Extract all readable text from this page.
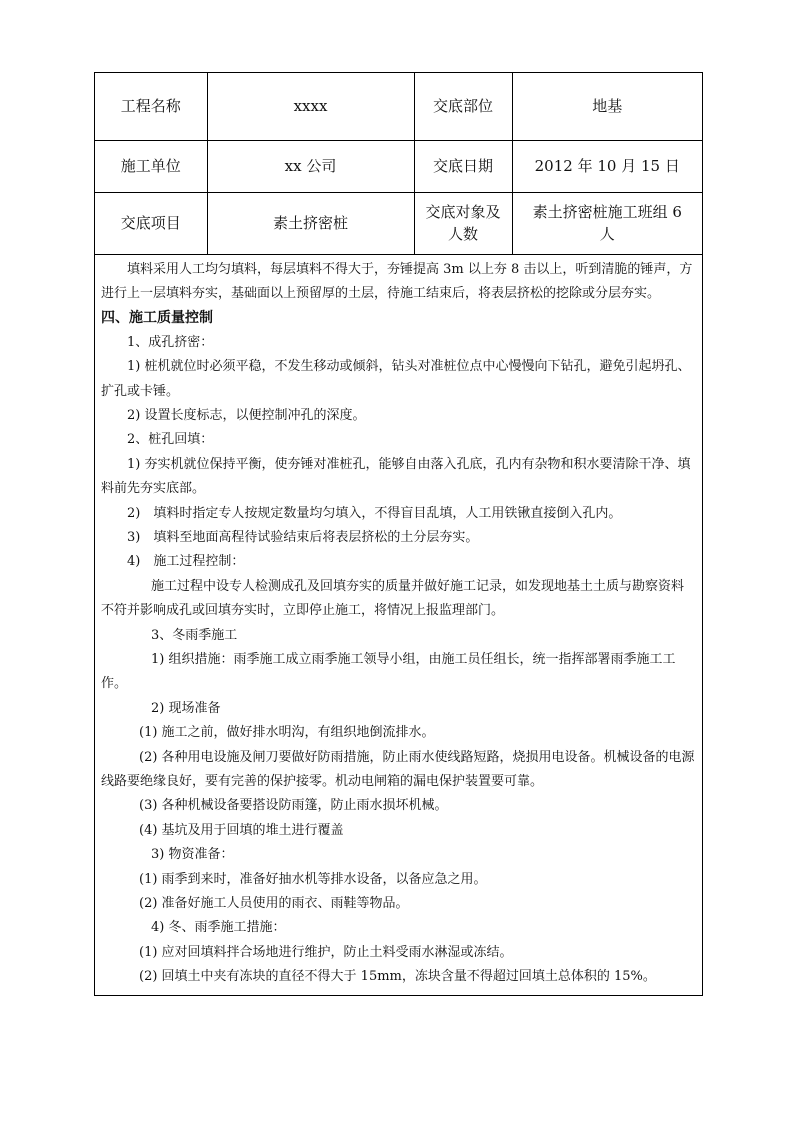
工程名称	xxxx	交底部位	地基
施工单位	xx 公司	交底日期	2012 年 10 月 15 日
交底项目	素土挤密桩	交底对象及人数	素土挤密桩施工班组 6 人

填料采用人工均匀填料，每层填料不得大于，夯锤提高 3m 以上夯 8 击以上，听到清脆的锤声，方进行上一层填料夯实，基础面以上预留厚的土层，待施工结束后，将表层挤松的挖除或分层夯实。

四、施工质量控制

1、成孔挤密：

1) 桩机就位时必须平稳，不发生移动或倾斜，钻头对准桩位点中心慢慢向下钻孔，避免引起坍孔、扩孔或卡锤。

2) 设置长度标志，以便控制冲孔的深度。

2、桩孔回填：

1) 夯实机就位保持平衡，使夯锤对准桩孔，能够自由落入孔底，孔内有杂物和积水要清除干净、填料前先夯实底部。

2)　填料时指定专人按规定数量均匀填入，不得盲目乱填，人工用铁锹直接倒入孔内。

3)　填料至地面高程待试验结束后将表层挤松的土分层夯实。

4)　施工过程控制：

施工过程中设专人检测成孔及回填夯实的质量并做好施工记录，如发现地基土土质与勘察资料不符并影响成孔或回填夯实时，立即停止施工，将情况上报监理部门。

3、冬雨季施工

1) 组织措施：雨季施工成立雨季施工领导小组，由施工员任组长，统一指挥部署雨季施工工作。

2) 现场准备

(1) 施工之前，做好排水明沟，有组织地倒流排水。

(2) 各种用电设施及闸刀要做好防雨措施，防止雨水使线路短路，烧损用电设备。机械设备的电源线路要绝缘良好，要有完善的保护接零。机动电闸箱的漏电保护装置要可靠。

(3) 各种机械设备要搭设防雨篷，防止雨水损坏机械。

(4) 基坑及用于回填的堆土进行覆盖

3) 物资准备：

(1) 雨季到来时，准备好抽水机等排水设备，以备应急之用。

(2) 准备好施工人员使用的雨衣、雨鞋等物品。

4) 冬、雨季施工措施：

(1) 应对回填料拌合场地进行维护，防止土料受雨水淋湿或冻结。

(2) 回填土中夹有冻块的直径不得大于 15mm，冻块含量不得超过回填土总体积的 15%。
